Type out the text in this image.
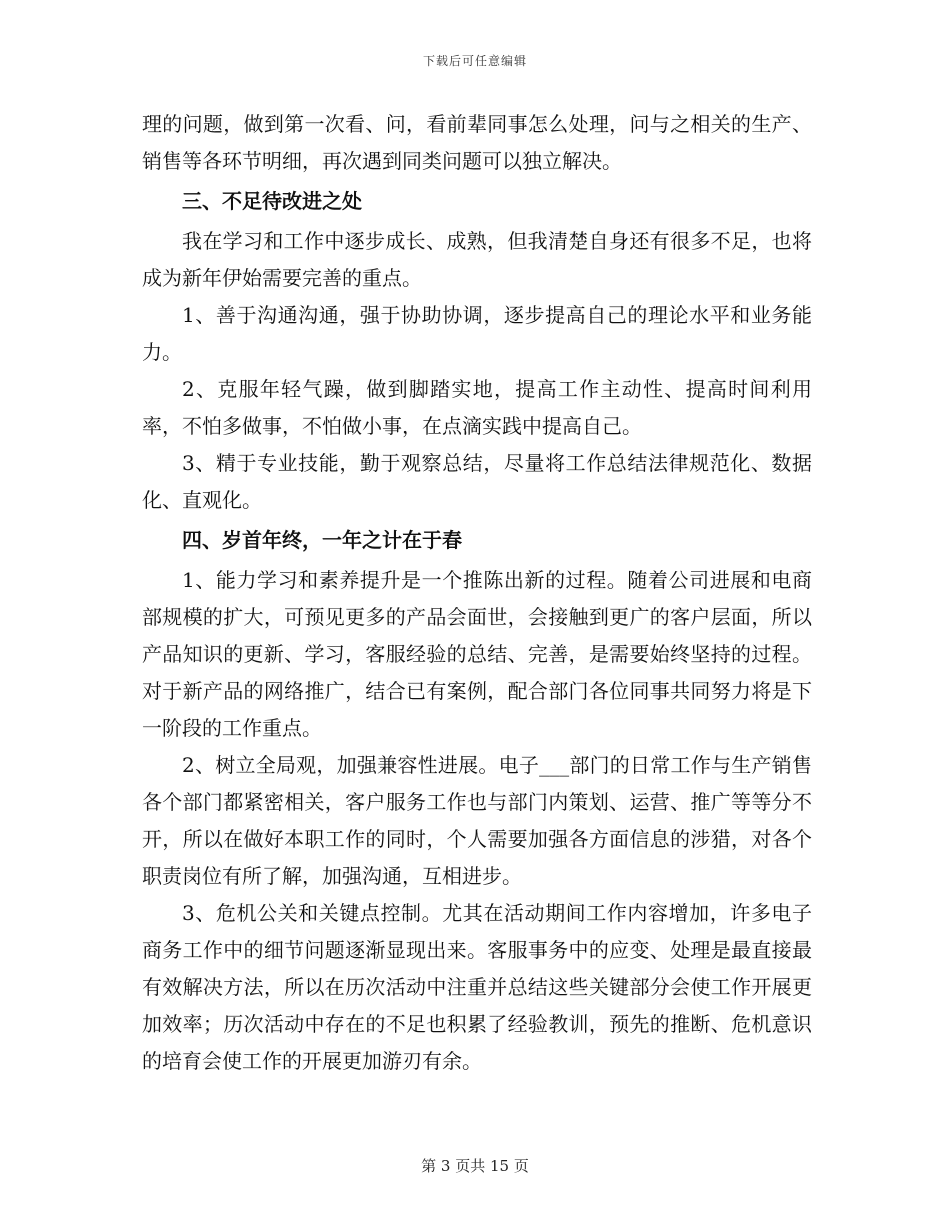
下载后可任意编辑

理的问题，做到第一次看、问，看前辈同事怎么处理，问与之相关的生产、销售等各环节明细，再次遇到同类问题可以独立解决。

三、不足待改进之处

我在学习和工作中逐步成长、成熟，但我清楚自身还有很多不足，也将成为新年伊始需要完善的重点。

1、善于沟通沟通，强于协助协调，逐步提高自己的理论水平和业务能力。

2、克服年轻气躁，做到脚踏实地，提高工作主动性、提高时间利用率，不怕多做事，不怕做小事，在点滴实践中提高自己。

3、精于专业技能，勤于观察总结，尽量将工作总结法律规范化、数据化、直观化。

四、岁首年终，一年之计在于春

1、能力学习和素养提升是一个推陈出新的过程。随着公司进展和电商部规模的扩大，可预见更多的产品会面世，会接触到更广的客户层面，所以产品知识的更新、学习，客服经验的总结、完善，是需要始终坚持的过程。对于新产品的网络推广，结合已有案例，配合部门各位同事共同努力将是下一阶段的工作重点。

2、树立全局观，加强兼容性进展。电子___部门的日常工作与生产销售各个部门都紧密相关，客户服务工作也与部门内策划、运营、推广等等分不开，所以在做好本职工作的同时，个人需要加强各方面信息的涉猎，对各个职责岗位有所了解，加强沟通，互相进步。

3、危机公关和关键点控制。尤其在活动期间工作内容增加，许多电子商务工作中的细节问题逐渐显现出来。客服事务中的应变、处理是最直接最有效解决方法，所以在历次活动中注重并总结这些关键部分会使工作开展更加效率；历次活动中存在的不足也积累了经验教训，预先的推断、危机意识的培育会使工作的开展更加游刃有余。

第 3 页共 15 页
